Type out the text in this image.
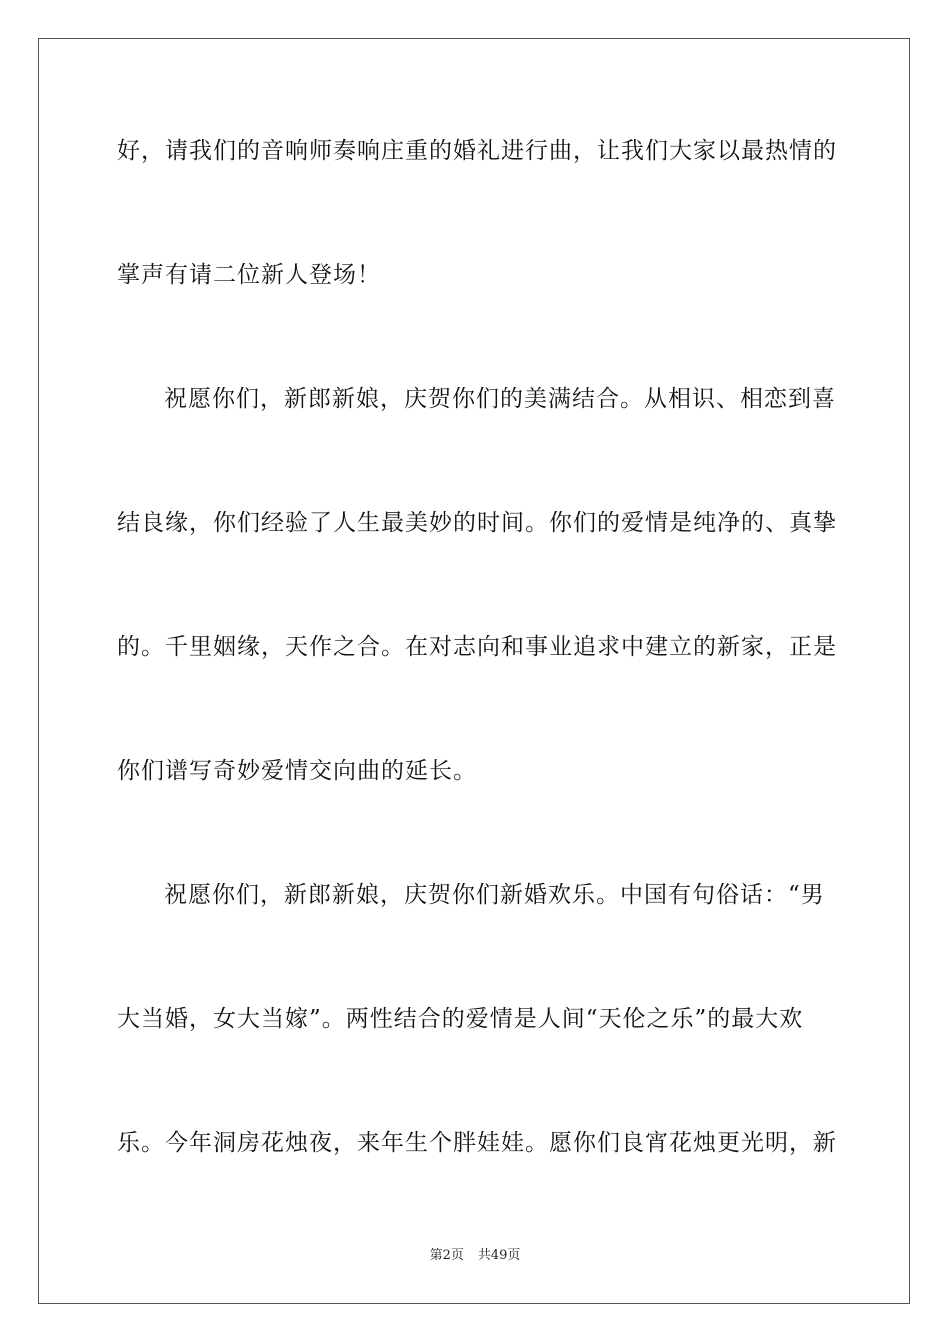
好，请我们的音响师奏响庄重的婚礼进行曲，让我们大家以最热情的
掌声有请二位新人登场！
祝愿你们，新郎新娘，庆贺你们的美满结合。从相识、相恋到喜
结良缘，你们经验了人生最美妙的时间。你们的爱情是纯净的、真挚
的。千里姻缘，天作之合。在对志向和事业追求中建立的新家，正是
你们谱写奇妙爱情交向曲的延长。
祝愿你们，新郎新娘，庆贺你们新婚欢乐。中国有句俗话：“男
大当婚，女大当嫁”。两性结合的爱情是人间“天伦之乐”的最大欢
乐。今年洞房花烛夜，来年生个胖娃娃。愿你们良宵花烛更光明，新
第2页 共49页
